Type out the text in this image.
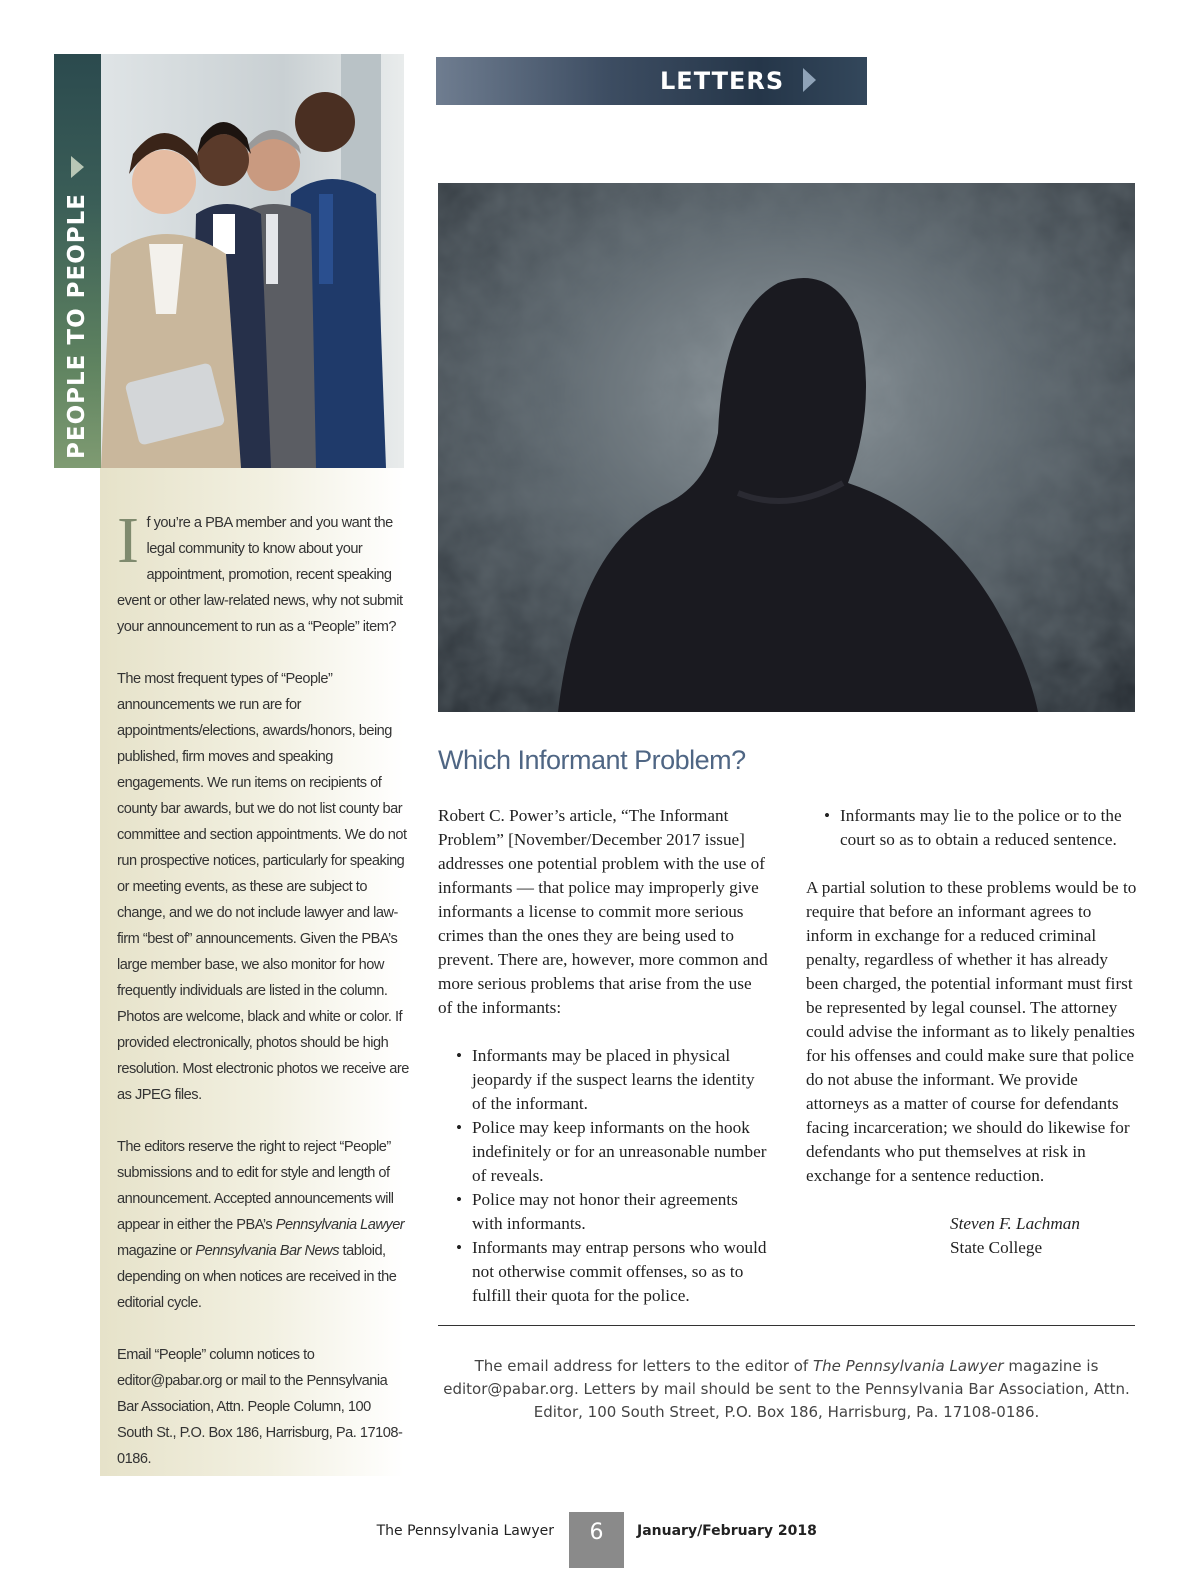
PEOPLE TO PEOPLE

If you’re a PBA member and you want the legal community to know about your appointment, promotion, recent speaking event or other law-related news, why not submit your announcement to run as a “People” item?

The most frequent types of “People” announcements we run are for appointments/elections, awards/honors, being published, firm moves and speaking engagements. We run items on recipients of county bar awards, but we do not list county bar committee and section appointments. We do not run prospective notices, particularly for speaking or meeting events, as these are subject to change, and we do not include lawyer and law-firm “best of” announcements. Given the PBA’s large member base, we also monitor for how frequently individuals are listed in the column. Photos are welcome, black and white or color. If provided electronically, photos should be high resolution. Most electronic photos we receive are as JPEG files.

The editors reserve the right to reject “People” submissions and to edit for style and length of announcement. Accepted announcements will appear in either the PBA’s Pennsylvania Lawyer magazine or Pennsylvania Bar News tabloid, depending on when notices are received in the editorial cycle.

Email “People” column notices to editor@pabar.org or mail to the Pennsylvania Bar Association, Attn. People Column, 100 South St., P.O. Box 186, Harrisburg, Pa. 17108-0186.

LETTERS
Which Informant Problem?

Robert C. Power’s article, “The Informant Problem” [November/December 2017 issue] addresses one potential problem with the use of informants — that police may improperly give informants a license to commit more serious crimes than the ones they are being used to prevent. There are, however, more common and more serious problems that arise from the use of the informants:

• Informants may be placed in physical jeopardy if the suspect learns the identity of the informant.
• Police may keep informants on the hook indefinitely or for an unreasonable number of reveals.
• Police may not honor their agreements with informants.
• Informants may entrap persons who would not otherwise commit offenses, so as to fulfill their quota for the police.
• Informants may lie to the police or to the court so as to obtain a reduced sentence.

A partial solution to these problems would be to require that before an informant agrees to inform in exchange for a reduced criminal penalty, regardless of whether it has already been charged, the potential informant must first be represented by legal counsel. The attorney could advise the informant as to likely penalties for his offenses and could make sure that police do not abuse the informant. We provide attorneys as a matter of course for defendants facing incarceration; we should do likewise for defendants who put themselves at risk in exchange for a sentence reduction.

Steven F. Lachman
State College
The email address for letters to the editor of The Pennsylvania Lawyer magazine is editor@pabar.org. Letters by mail should be sent to the Pennsylvania Bar Association, Attn. Editor, 100 South Street, P.O. Box 186, Harrisburg, Pa. 17108-0186.
The Pennsylvania Lawyer	6	January/February 2018
